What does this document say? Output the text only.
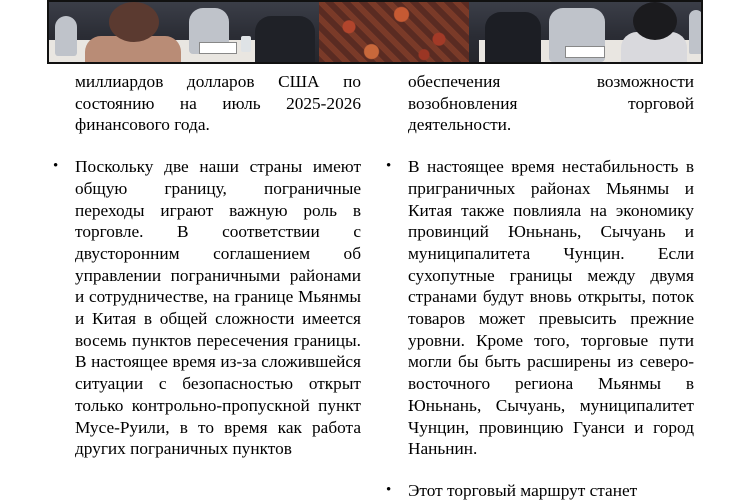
миллиардов долларов США по состоянию на июль 2025-2026 финансового года.

• Поскольку две наши страны имеют общую границу, пограничные переходы играют важную роль в торговле. В соответствии с двусторонним соглашением об управлении пограничными районами и сотрудничестве, на границе Мьянмы и Китая в общей сложности имеется восемь пунктов пересечения границы. В настоящее время из-за сложившейся ситуации с безопасностью открыт только контрольно-пропускной пункт Мусе-Руили, в то время как работа других пограничных пунктов

обеспечения возможности возобновления торговой деятельности.

• В настоящее время нестабильность в приграничных районах Мьянмы и Китая также повлияла на экономику провинций Юньнань, Сычуань и муниципалитета Чунцин. Если сухопутные границы между двумя странами будут вновь открыты, поток товаров может превысить прежние уровни. Кроме того, торговые пути могли бы быть расширены из северо-восточного региона Мьянмы в Юньнань, Сычуань, муниципалитет Чунцин, провинцию Гуанси и город Наньнин.

• Этот торговый маршрут станет
